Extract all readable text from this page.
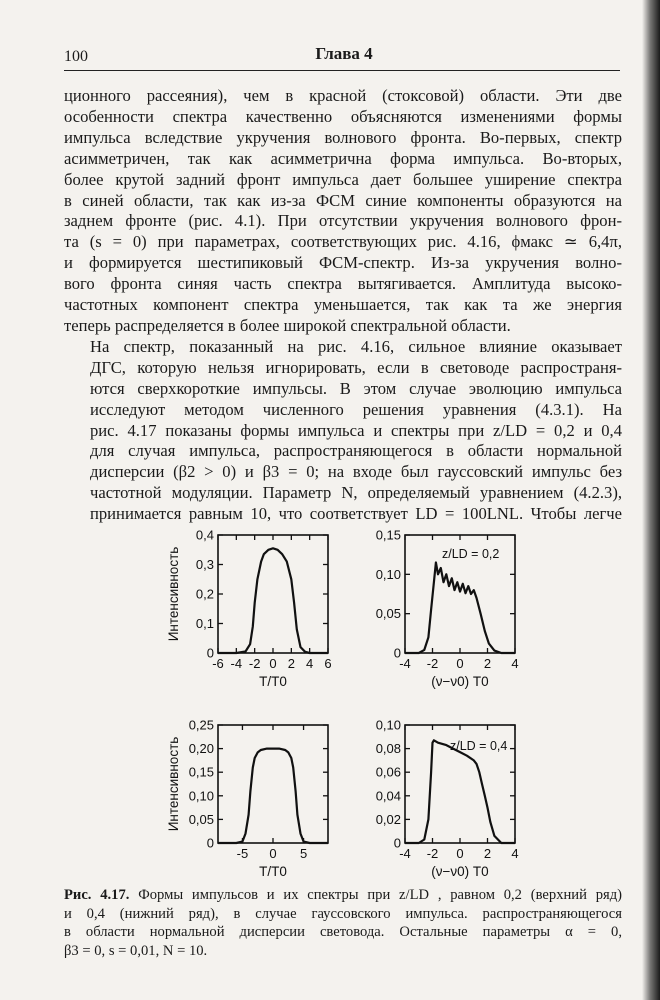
100	Глава 4

ционного рассеяния), чем в красной (стоксовой) области. Эти две
особенности спектра качественно объясняются изменениями формы
импульса вследствие укручения волнового фронта. Во-первых, спектр
асимметричен, так как асимметрична форма импульса. Во-вторых,
более крутой задний фронт импульса дает большее уширение спектра
в синей области, так как из-за ФСМ синие компоненты образуются на
заднем фронте (рис. 4.1). При отсутствии укручения волнового фрон-
та (s = 0) при параметрах, соответствующих рис. 4.16, ϕмакс ≃ 6,4π,
и формируется шестипиковый ФСМ-спектр. Из-за укручения волно-
вого фронта синяя часть спектра вытягивается. Амплитуда высоко-
частотных компонент спектра уменьшается, так как та же энергия
теперь распределяется в более широкой спектральной области.

На спектр, показанный на рис. 4.16, сильное влияние оказывает
ДГС, которую нельзя игнорировать, если в световоде распространя-
ются сверхкороткие импульсы. В этом случае эволюцию импульса
исследуют методом численного решения уравнения (4.3.1). На
рис. 4.17 показаны формы импульса и спектры при z/LD = 0,2 и 0,4
для случая импульса, распространяющегося в области нормальной
дисперсии (β2 > 0) и β3 = 0; на входе был гауссовский импульс без
частотной модуляции. Параметр N, определяемый уравнением (4.2.3),
принимается равным 10, что соответствует LD = 100LNL. Чтобы легче

0
0,1
0,2
0,3
0,4
-6 -4 -2 0 2 4 6
T/T0
Интенсивность
0
0,05
0,10
0,15
-4 -2 0 2 4
(ν−ν0) T0
0
0,05
0,10
0,15
0,20
0,25
-5 0 5
T/T0
Интенсивность
0
0,02
0,04
0,06
0,08
0,10
-4 -2 0 2 4
(ν−ν0) T0
z/LD = 0,2
z/LD = 0,4
Рис. 4.17. Формы импульсов и их спектры при z/LD , равном 0,2 (верхний ряд)
и 0,4 (нижний ряд), в случае гауссовского импульса. распространяющегося
в области нормальной дисперсии световода. Остальные параметры α = 0,
β3 = 0, s = 0,01, N = 10.
